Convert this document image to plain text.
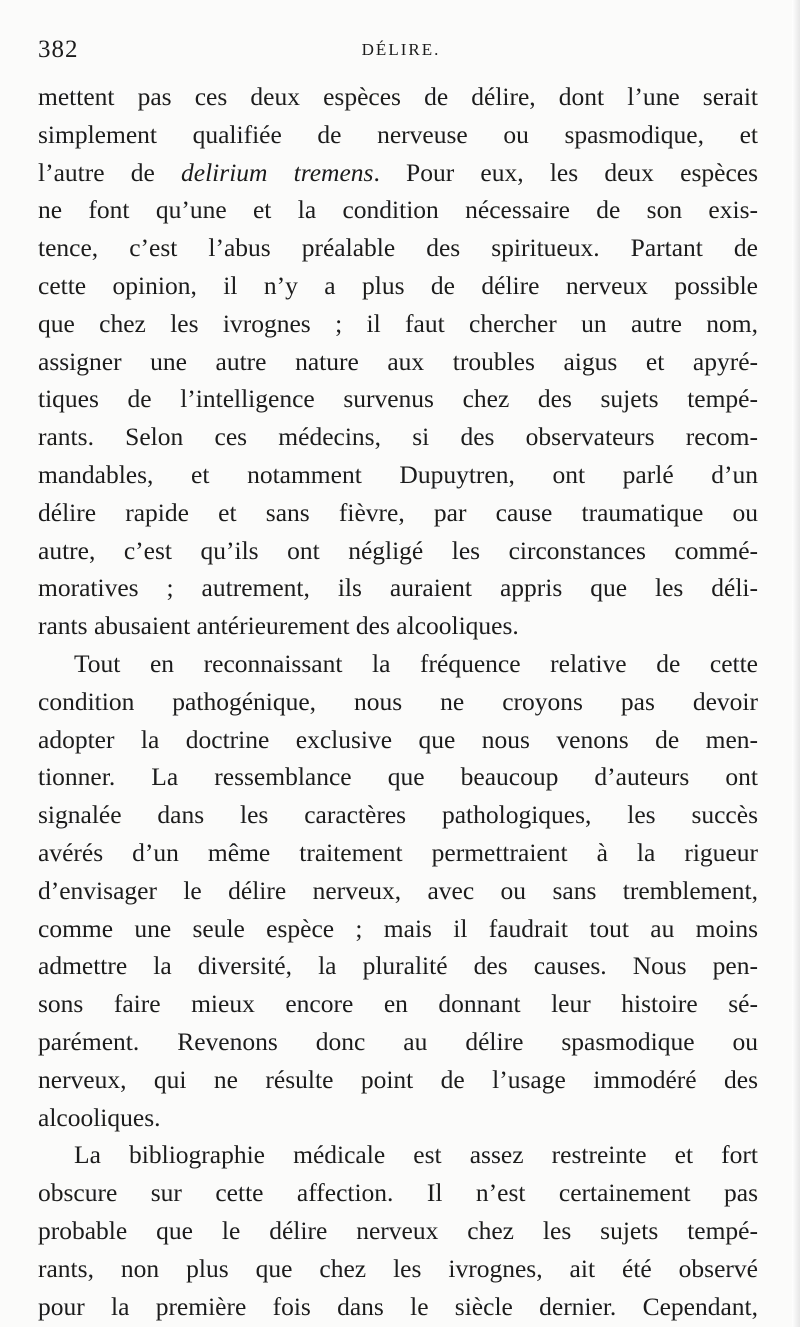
382	DÉLIRE.
mettent pas ces deux espèces de délire, dont l’une serait
simplement qualifiée de nerveuse ou spasmodique, et
l’autre de delirium tremens. Pour eux, les deux espèces
ne font qu’une et la condition nécessaire de son exis-
tence, c’est l’abus préalable des spiritueux. Partant de
cette opinion, il n’y a plus de délire nerveux possible
que chez les ivrognes ; il faut chercher un autre nom,
assigner une autre nature aux troubles aigus et apyré-
tiques de l’intelligence survenus chez des sujets tempé-
rants. Selon ces médecins, si des observateurs recom-
mandables, et notamment Dupuytren, ont parlé d’un
délire rapide et sans fièvre, par cause traumatique ou
autre, c’est qu’ils ont négligé les circonstances commé-
moratives ; autrement, ils auraient appris que les déli-
rants abusaient antérieurement des alcooliques.
Tout en reconnaissant la fréquence relative de cette
condition pathogénique, nous ne croyons pas devoir
adopter la doctrine exclusive que nous venons de men-
tionner. La ressemblance que beaucoup d’auteurs ont
signalée dans les caractères pathologiques, les succès
avérés d’un même traitement permettraient à la rigueur
d’envisager le délire nerveux, avec ou sans tremblement,
comme une seule espèce ; mais il faudrait tout au moins
admettre la diversité, la pluralité des causes. Nous pen-
sons faire mieux encore en donnant leur histoire sé-
parément. Revenons donc au délire spasmodique ou
nerveux, qui ne résulte point de l’usage immodéré des
alcooliques.
La bibliographie médicale est assez restreinte et fort
obscure sur cette affection. Il n’est certainement pas
probable que le délire nerveux chez les sujets tempé-
rants, non plus que chez les ivrognes, ait été observé
pour la première fois dans le siècle dernier. Cependant,
